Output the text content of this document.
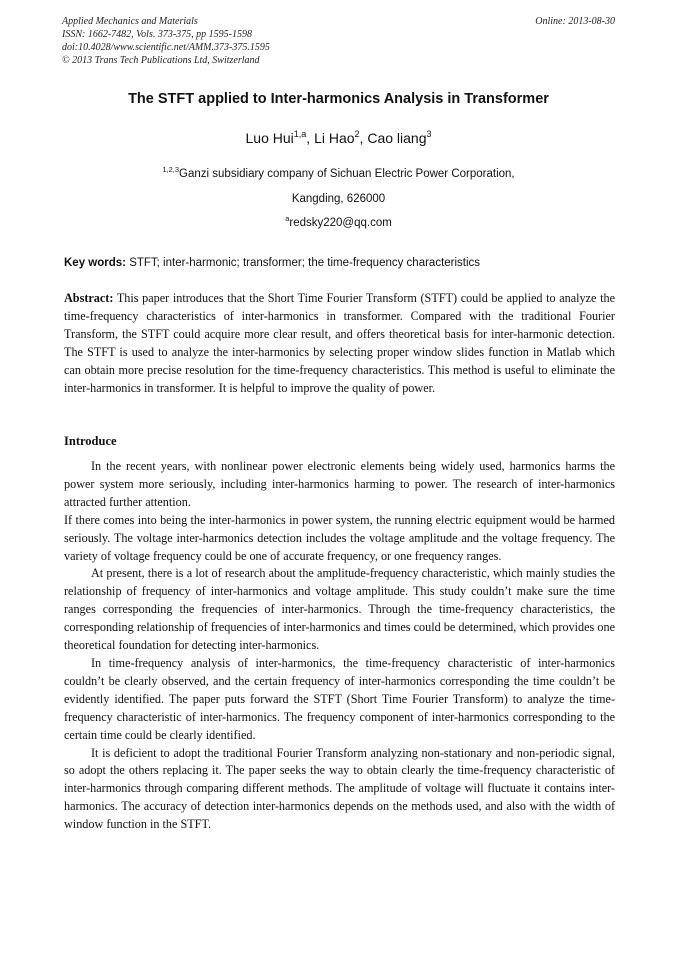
Applied Mechanics and Materials
ISSN: 1662-7482, Vols. 373-375, pp 1595-1598
doi:10.4028/www.scientific.net/AMM.373-375.1595
© 2013 Trans Tech Publications Ltd, Switzerland
Online: 2013-08-30
The STFT applied to Inter-harmonics Analysis in Transformer
Luo Hui$^{1,a}$, Li Hao$^2$, Cao liang$^3$
$^{1,2,3}$Ganzi subsidiary company of Sichuan Electric Power Corporation,
Kangding, 626000
$^a$redsky220@qq.com
Key words: STFT; inter-harmonic; transformer; the time-frequency characteristics

Abstract: This paper introduces that the Short Time Fourier Transform (STFT) could be applied to analyze the time-frequency characteristics of inter-harmonics in transformer. Compared with the traditional Fourier Transform, the STFT could acquire more clear result, and offers theoretical basis for inter-harmonic detection. The STFT is used to analyze the inter-harmonics by selecting proper window slides function in Matlab which can obtain more precise resolution for the time-frequency characteristics. This method is useful to eliminate the inter-harmonics in transformer. It is helpful to improve the quality of power.

Introduce

In the recent years, with nonlinear power electronic elements being widely used, harmonics harms the power system more seriously, including inter-harmonics harming to power. The research of inter-harmonics attracted further attention.

If there comes into being the inter-harmonics in power system, the running electric equipment would be harmed seriously. The voltage inter-harmonics detection includes the voltage amplitude and the voltage frequency. The variety of voltage frequency could be one of accurate frequency, or one frequency ranges.

At present, there is a lot of research about the amplitude-frequency characteristic, which mainly studies the relationship of frequency of inter-harmonics and voltage amplitude. This study couldn’t make sure the time ranges corresponding the frequencies of inter-harmonics. Through the time-frequency characteristics, the corresponding relationship of frequencies of inter-harmonics and times could be determined, which provides one theoretical foundation for detecting inter-harmonics.

In time-frequency analysis of inter-harmonics, the time-frequency characteristic of inter-harmonics couldn’t be clearly observed, and the certain frequency of inter-harmonics corresponding the time couldn’t be evidently identified. The paper puts forward the STFT (Short Time Fourier Transform) to analyze the time-frequency characteristic of inter-harmonics. The frequency component of inter-harmonics corresponding to the certain time could be clearly identified.

It is deficient to adopt the traditional Fourier Transform analyzing non-stationary and non-periodic signal, so adopt the others replacing it. The paper seeks the way to obtain clearly the time-frequency characteristic of inter-harmonics through comparing different methods. The amplitude of voltage will fluctuate it contains inter-harmonics. The accuracy of detection inter-harmonics depends on the methods used, and also with the width of window function in the STFT.
